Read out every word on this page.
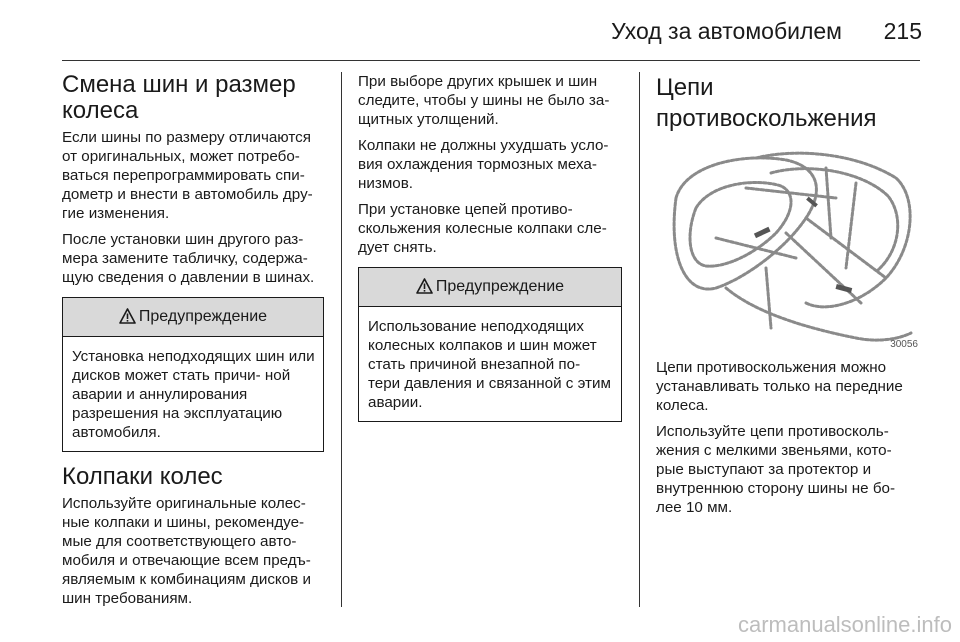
Уход за автомобилем 215
Смена шин и размер колеса

Если шины по размеру отличаются от оригинальных, может потребо- ваться перепрограммировать спи- дометр и внести в автомобиль дру- гие изменения.

После установки шин другого раз- мера замените табличку, содержа- щую сведения о давлении в шинах.

Предупреждение
Установка неподходящих шин или дисков может стать причи- ной аварии и аннулирования разрешения на эксплуатацию автомобиля.
Колпаки колес

Используйте оригинальные колес- ные колпаки и шины, рекомендуе- мые для соответствующего авто- мобиля и отвечающие всем предъ- являемым к комбинациям дисков и шин требованиям.

При выборе других крышек и шин следите, чтобы у шины не было за- щитных утолщений.

Колпаки не должны ухудшать усло- вия охлаждения тормозных меха- низмов.

При установке цепей противо- скольжения колесные колпаки сле- дует снять.

Предупреждение
Использование неподходящих колесных колпаков и шин может стать причиной внезапной по- тери давления и связанной с этим аварии.
Цепи противоскольжения
30056

Цепи противоскольжения можно устанавливать только на передние колеса.

Используйте цепи противосколь- жения с мелкими звеньями, кото- рые выступают за протектор и внутреннюю сторону шины не бо- лее 10 мм.

carmanualsonline.info
